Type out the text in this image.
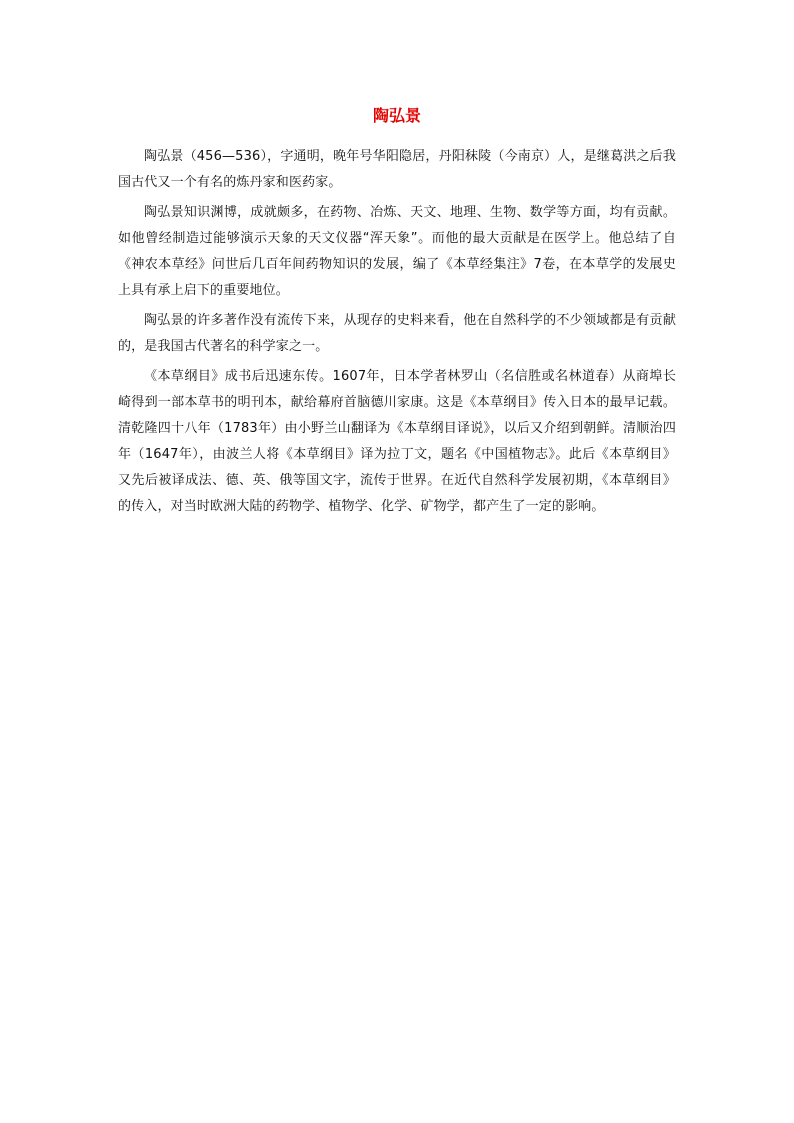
陶弘景

陶弘景（456—536），字通明，晚年号华阳隐居，丹阳秣陵（今南京）人，是继葛洪之后我国古代又一个有名的炼丹家和医药家。

陶弘景知识渊博，成就颇多，在药物、冶炼、天文、地理、生物、数学等方面，均有贡献。如他曾经制造过能够演示天象的天文仪器“浑天象”。而他的最大贡献是在医学上。他总结了自《神农本草经》问世后几百年间药物知识的发展，编了《本草经集注》7卷，在本草学的发展史上具有承上启下的重要地位。

陶弘景的许多著作没有流传下来，从现存的史料来看，他在自然科学的不少领域都是有贡献的，是我国古代著名的科学家之一。

《本草纲目》成书后迅速东传。1607年，日本学者林罗山（名信胜或名林道春）从商埠长崎得到一部本草书的明刊本，献给幕府首脑德川家康。这是《本草纲目》传入日本的最早记载。清乾隆四十八年（1783年）由小野兰山翻译为《本草纲目译说》，以后又介绍到朝鲜。清顺治四年（1647年），由波兰人将《本草纲目》译为拉丁文，题名《中国植物志》。此后《本草纲目》又先后被译成法、德、英、俄等国文字，流传于世界。在近代自然科学发展初期，《本草纲目》的传入，对当时欧洲大陆的药物学、植物学、化学、矿物学，都产生了一定的影响。
